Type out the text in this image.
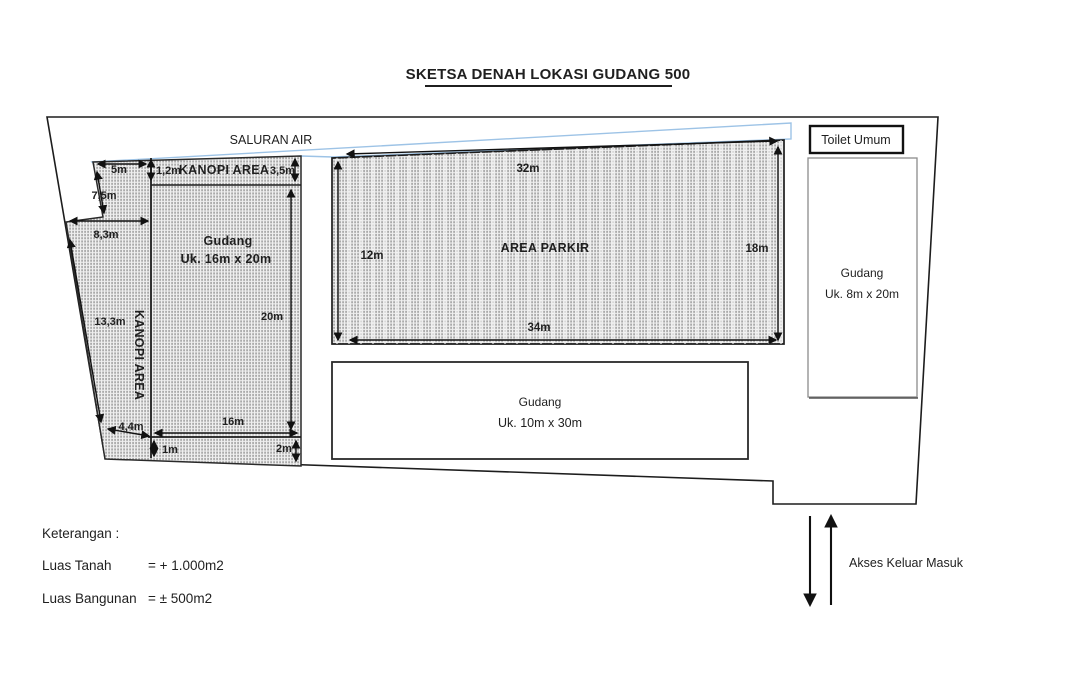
SKETSA DENAH LOKASI GUDANG 500
SALURAN AIR	Toilet Umum
Gudang
Uk. 8m x 20m
Gudang
Uk. 10m x 30m
KANOPI AREA
KANOPI AREA
AREA PARKIR
Gudang
Uk. 16m x 20m
5m	1,2m	3,5m
7,5m
8,3m
13,3m
4,4m	16m
20m
1m	2m
32m
12m
18m
34m
Akses Keluar Masuk
Keterangan :
Luas Tanah	= + 1.000m2
Luas Bangunan = ± 500m2
